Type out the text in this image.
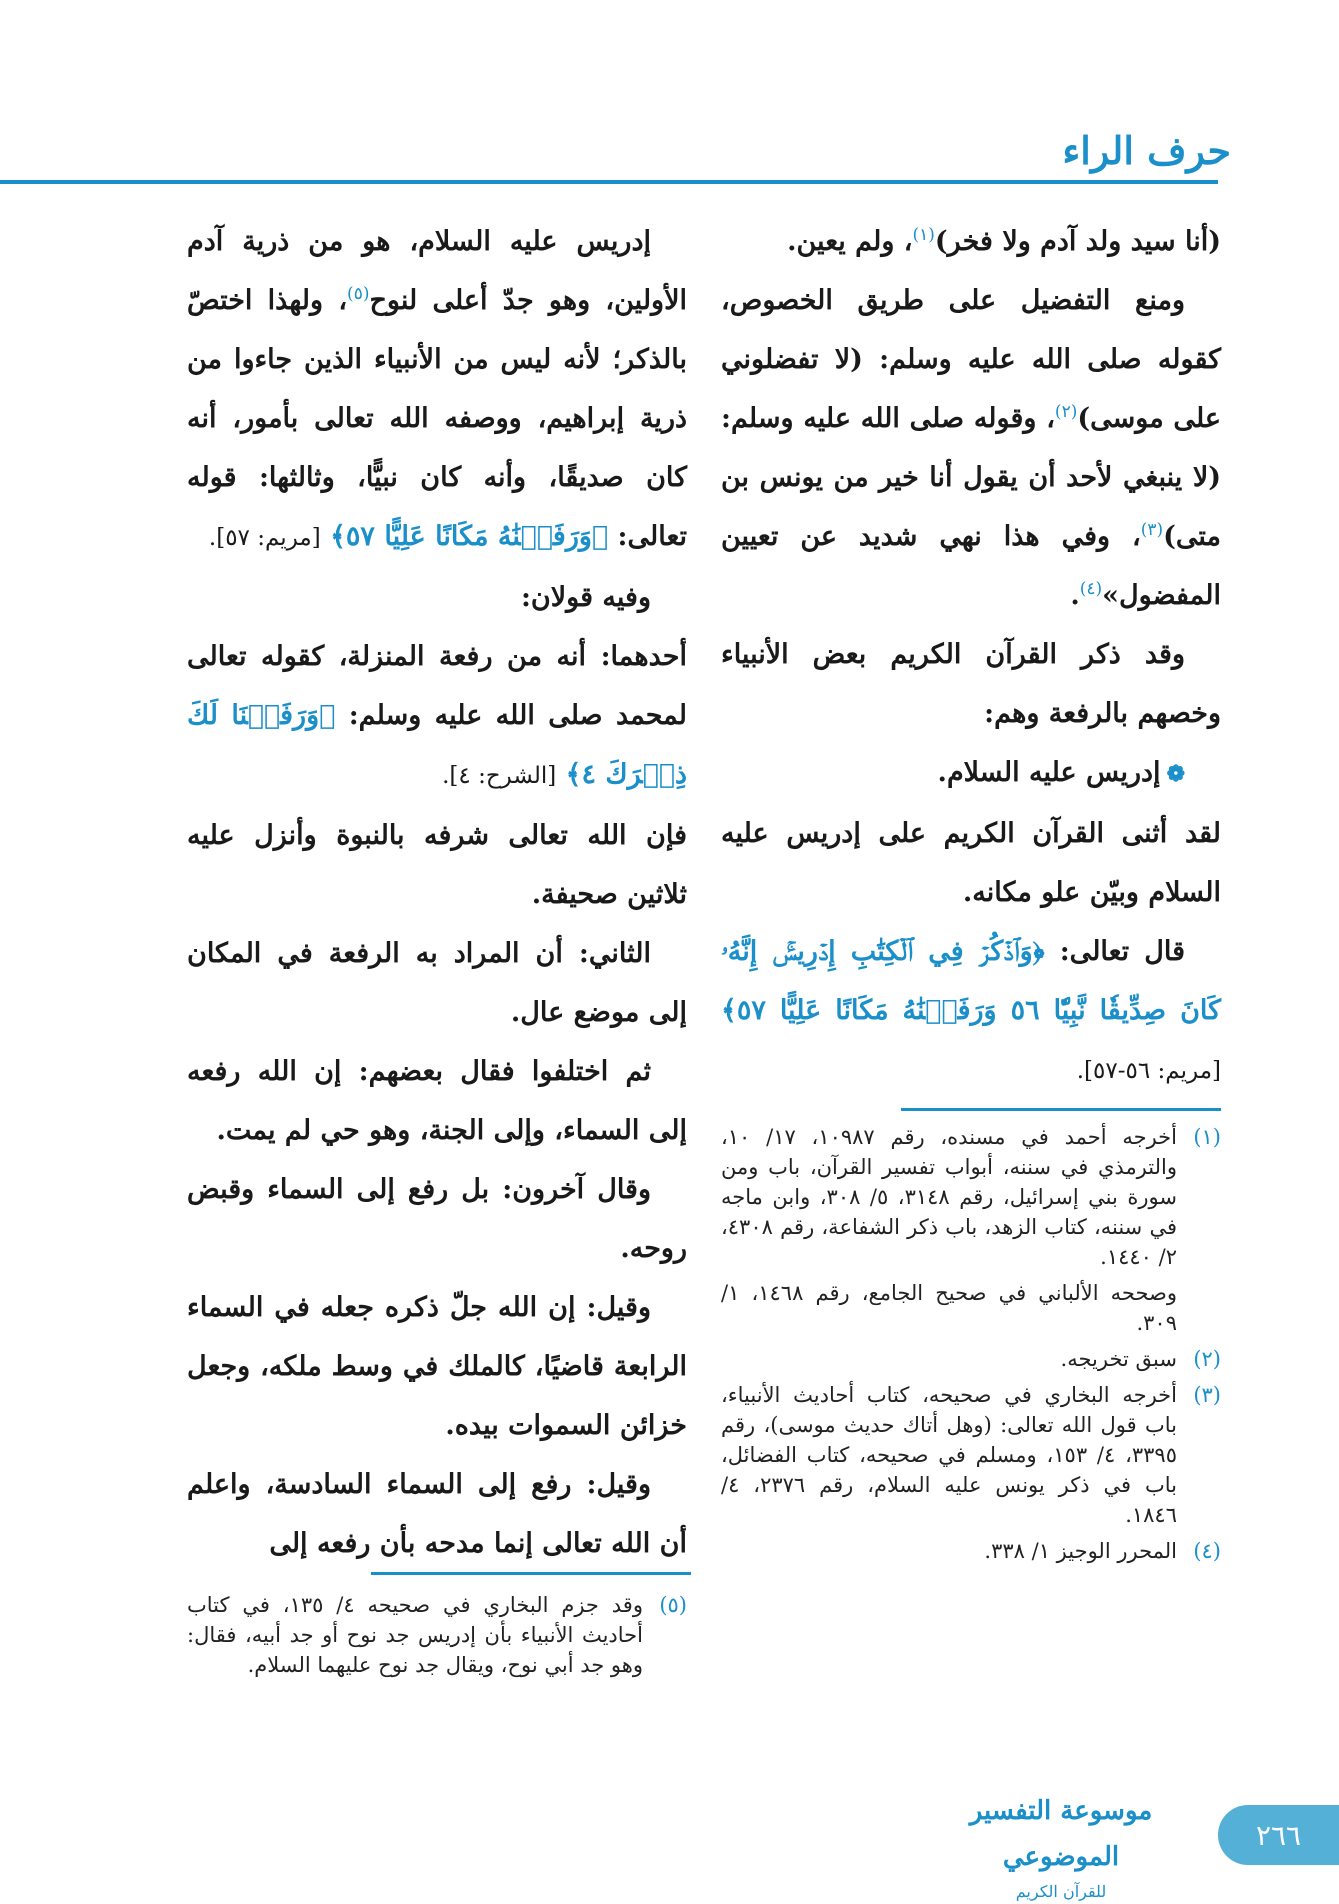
حرف الراء

(أنا سيد ولد آدم ولا فخر)$^{(١)}$، ولم يعين.

ومنع التفضيل على طريق الخصوص، كقوله صلى الله عليه وسلم: (لا تفضلوني على موسى)$^{(٢)}$، وقوله صلى الله عليه وسلم: (لا ينبغي لأحد أن يقول أنا خير من يونس بن متى)$^{(٣)}$، وفي هذا نهي شديد عن تعيين المفضول»$^{(٤)}$.

وقد ذكر القرآن الكريم بعض الأنبياء وخصهم بالرفعة وهم:

❁إدريس عليه السلام.

لقد أثنى القرآن الكريم على إدريس عليه السلام وبيّن علو مكانه.

قال تعالى: ﴿وَٱذۡكُرۡ فِي ٱلۡكِتَٰبِ إِدۡرِيسَۚ إِنَّهُۥ كَانَ صِدِّيقٗا نَّبِيّٗا ٥٦ وَرَفَعۡنَٰهُ مَكَانًا عَلِيًّا ٥٧﴾ [مريم: ٥٦-٥٧].

إدريس عليه السلام، هو من ذرية آدم الأولين، وهو جدّ أعلى لنوح$^{(٥)}$، ولهذا اختصّ بالذكر؛ لأنه ليس من الأنبياء الذين جاءوا من ذرية إبراهيم، ووصفه الله تعالى بأمور، أنه كان صديقًا، وأنه كان نبيًّا، وثالثها: قوله تعالى: ﴿وَرَفَعۡنَٰهُ مَكَانًا عَلِيًّا ٥٧﴾ [مريم: ٥٧].

وفيه قولان:

أحدهما: أنه من رفعة المنزلة، كقوله تعالى لمحمد صلى الله عليه وسلم: ﴿وَرَفَعۡنَا لَكَ ذِكۡرَكَ ٤﴾ [الشرح: ٤].

فإن الله تعالى شرفه بالنبوة وأنزل عليه ثلاثين صحيفة.

الثاني: أن المراد به الرفعة في المكان إلى موضع عال.

ثم اختلفوا فقال بعضهم: إن الله رفعه إلى السماء، وإلى الجنة، وهو حي لم يمت.

وقال آخرون: بل رفع إلى السماء وقبض روحه.

وقيل: إن الله جلّ ذكره جعله في السماء الرابعة قاضيًا، كالملك في وسط ملكه، وجعل خزائن السموات بيده.

وقيل: رفع إلى السماء السادسة، واعلم أن الله تعالى إنما مدحه بأن رفعه إلى

(١)
أخرجه أحمد في مسنده، رقم ١٠٩٨٧، ١٧/ ١٠، والترمذي في سننه، أبواب تفسير القرآن، باب ومن سورة بني إسرائيل، رقم ٣١٤٨، ٥/ ٣٠٨، وابن ماجه في سننه، كتاب الزهد، باب ذكر الشفاعة، رقم ٤٣٠٨، ٢/ ١٤٤٠.
وصححه الألباني في صحيح الجامع، رقم ١٤٦٨، ١/ ٣٠٩.
(٢)
سبق تخريجه.
(٣)
أخرجه البخاري في صحيحه، كتاب أحاديث الأنبياء، باب قول الله تعالى: (وهل أتاك حديث موسى)، رقم ٣٣٩٥، ٤/ ١٥٣، ومسلم في صحيحه، كتاب الفضائل، باب في ذكر يونس عليه السلام، رقم ٢٣٧٦، ٤/ ١٨٤٦.
(٤)
المحرر الوجيز ١/ ٣٣٨.
(٥)
وقد جزم البخاري في صحيحه ٤/ ١٣٥، في كتاب أحاديث الأنبياء بأن إدريس جد نوح أو جد أبيه، فقال: وهو جد أبي نوح، ويقال جد نوح عليهما السلام.
موسوعة التفسير الموضوعي
للقرآن الكريم
٢٦٦
